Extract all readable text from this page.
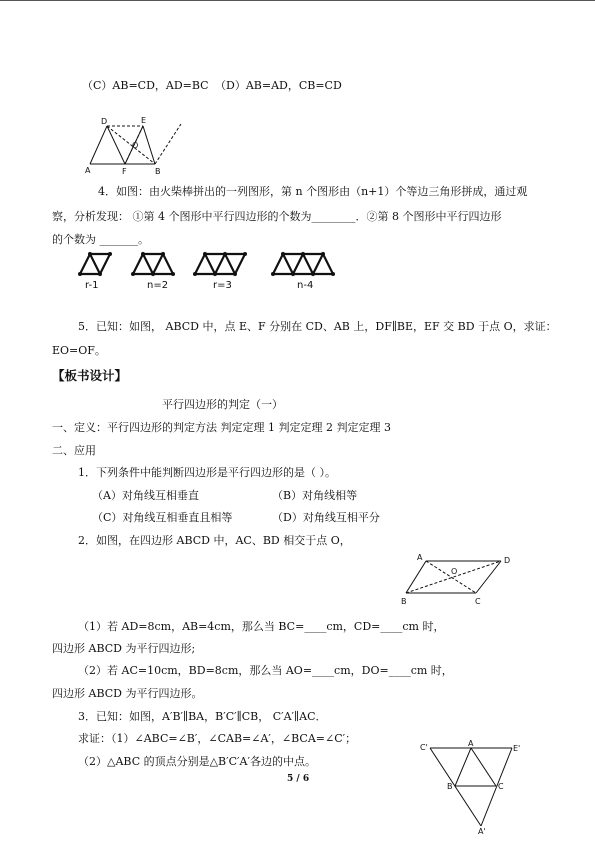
（C）AB=CD，AD=BC （D）AB=AD，CB=CD
D	E
A	F	B
O
4．如图：由火柴棒拼出的一列图形，第 n 个图形由（n+1）个等边三角形拼成，通过观
察，分析发现： ①第 4 个图形中平行四边形的个数为________．②第 8 个图形中平行四边形
的个数为 _______。
r-1	n=2	r=3	n-4
5．已知：如图， ABCD 中，点 E、F 分别在 CD、AB 上，DF∥BE，EF 交 BD 于点 O，求证：
EO=OF。
【板书设计】
平行四边形的判定（一）
一、定义：平行四边形的判定方法 判定定理 1 判定定理 2 判定定理 3
二、应用
1．下列条件中能判断四边形是平行四边形的是（ ）。
（A）对角线互相垂直	（B）对角线相等
（C）对角线互相垂直且相等	（D）对角线互相平分
2．如图，在四边形 ABCD 中，AC、BD 相交于点 O，
A	D
O
B	C
（1）若 AD=8cm，AB=4cm，那么当 BC=____cm，CD=____cm 时，
四边形 ABCD 为平行四边形;
（2）若 AC=10cm，BD=8cm，那么当 AO=____cm，DO=____cm 时，
四边形 ABCD 为平行四边形。
3．已知：如图，A′B′∥BA，B′C′∥CB， C′A′∥AC．
求证：（1）∠ABC=∠B′，∠CAB=∠A′，∠BCA=∠C′；
（2）△ABC 的顶点分别是△B′C′A′各边的中点。
C'	A
E'
B	C
A'
5 / 6
